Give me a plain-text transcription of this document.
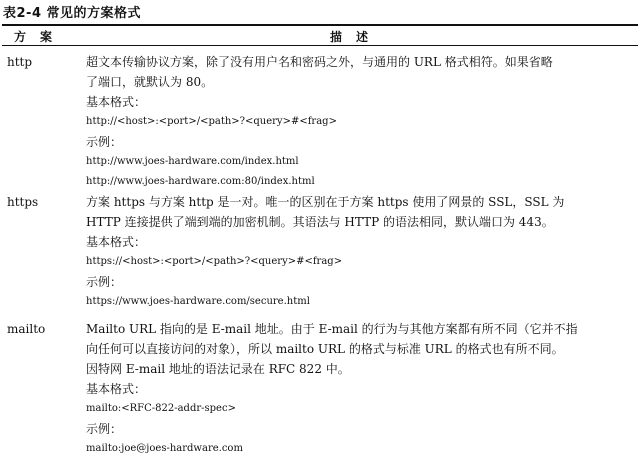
表2-4 常见的方案格式
方案	描述
http	超文本传输协议方案，除了没有用户名和密码之外，与通用的 URL 格式相符。如果省略
了端口，就默认为 80。
基本格式：
http://<host>:<port>/<path>?<query>#<frag>
示例：
http://www.joes-hardware.com/index.html
http://www.joes-hardware.com:80/index.html
https	方案 https 与方案 http 是一对。唯一的区别在于方案 https 使用了网景的 SSL，SSL 为
HTTP 连接提供了端到端的加密机制。其语法与 HTTP 的语法相同，默认端口为 443。
基本格式：
https://<host>:<port>/<path>?<query>#<frag>
示例：
https://www.joes-hardware.com/secure.html
mailto	Mailto URL 指向的是 E-mail 地址。由于 E-mail 的行为与其他方案都有所不同（它并不指
向任何可以直接访问的对象），所以 mailto URL 的格式与标准 URL 的格式也有所不同。
因特网 E-mail 地址的语法记录在 RFC 822 中。
基本格式：
mailto:<RFC-822-addr-spec>
示例：
mailto:joe@joes-hardware.com
